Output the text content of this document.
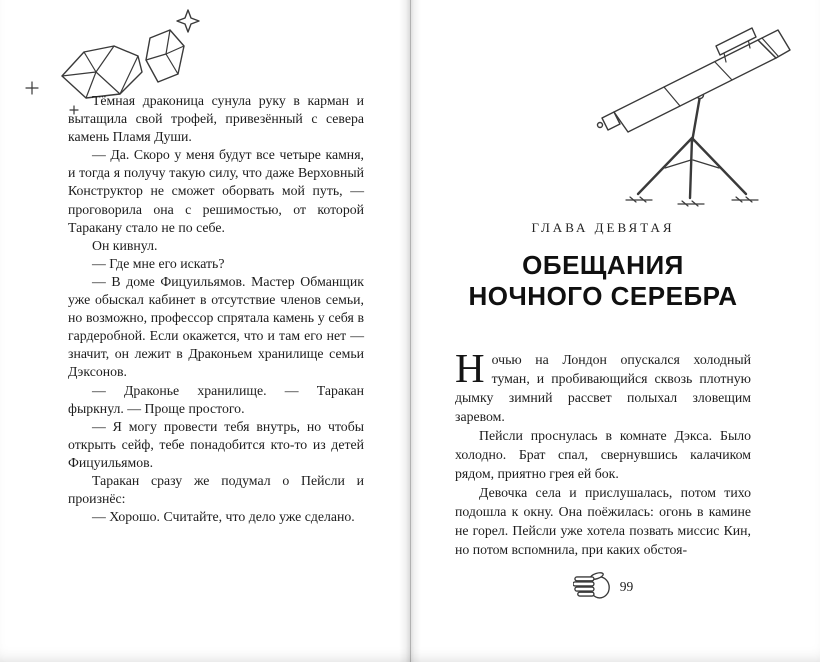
Тёмная драконица сунула руку в карман и вытащила свой трофей, привезённый с севера камень Пламя Души.

— Да. Скоро у меня будут все четыре камня, и тогда я получу такую силу, что даже Верховный Конструктор не сможет оборвать мой путь, — проговорила она с решимостью, от которой Таракану стало не по себе.

Он кивнул.

— Где мне его искать?

— В доме Фицуильямов. Мастер Обманщик уже обыскал кабинет в отсутствие членов семьи, но возможно, профессор спрятала камень у себя в гардеробной. Если окажется, что и там его нет — значит, он лежит в Драконьем хранилище семьи Дэксонов.

— Драконье хранилище. — Таракан фыркнул. — Проще простого.

— Я могу провести тебя внутрь, но чтобы открыть сейф, тебе понадобится кто-то из детей Фицуильямов.

Таракан сразу же подумал о Пейсли и произнёс:

— Хорошо. Считайте, что дело уже сделано.

ГЛАВА ДЕВЯТАЯ
ОБЕЩАНИЯ
НОЧНОГО СЕРЕБРА

Ночью на Лондон опускался холодный туман, и пробивающийся сквозь плотную дымку зимний рассвет полыхал зловещим заревом.

Пейсли проснулась в комнате Дэкса. Было холодно. Брат спал, свернувшись калачиком рядом, приятно грея ей бок.

Девочка села и прислушалась, потом тихо подошла к окну. Она поёжилась: огонь в камине не горел. Пейсли уже хотела позвать миссис Кин, но потом вспомнила, при каких обстоя-

99
